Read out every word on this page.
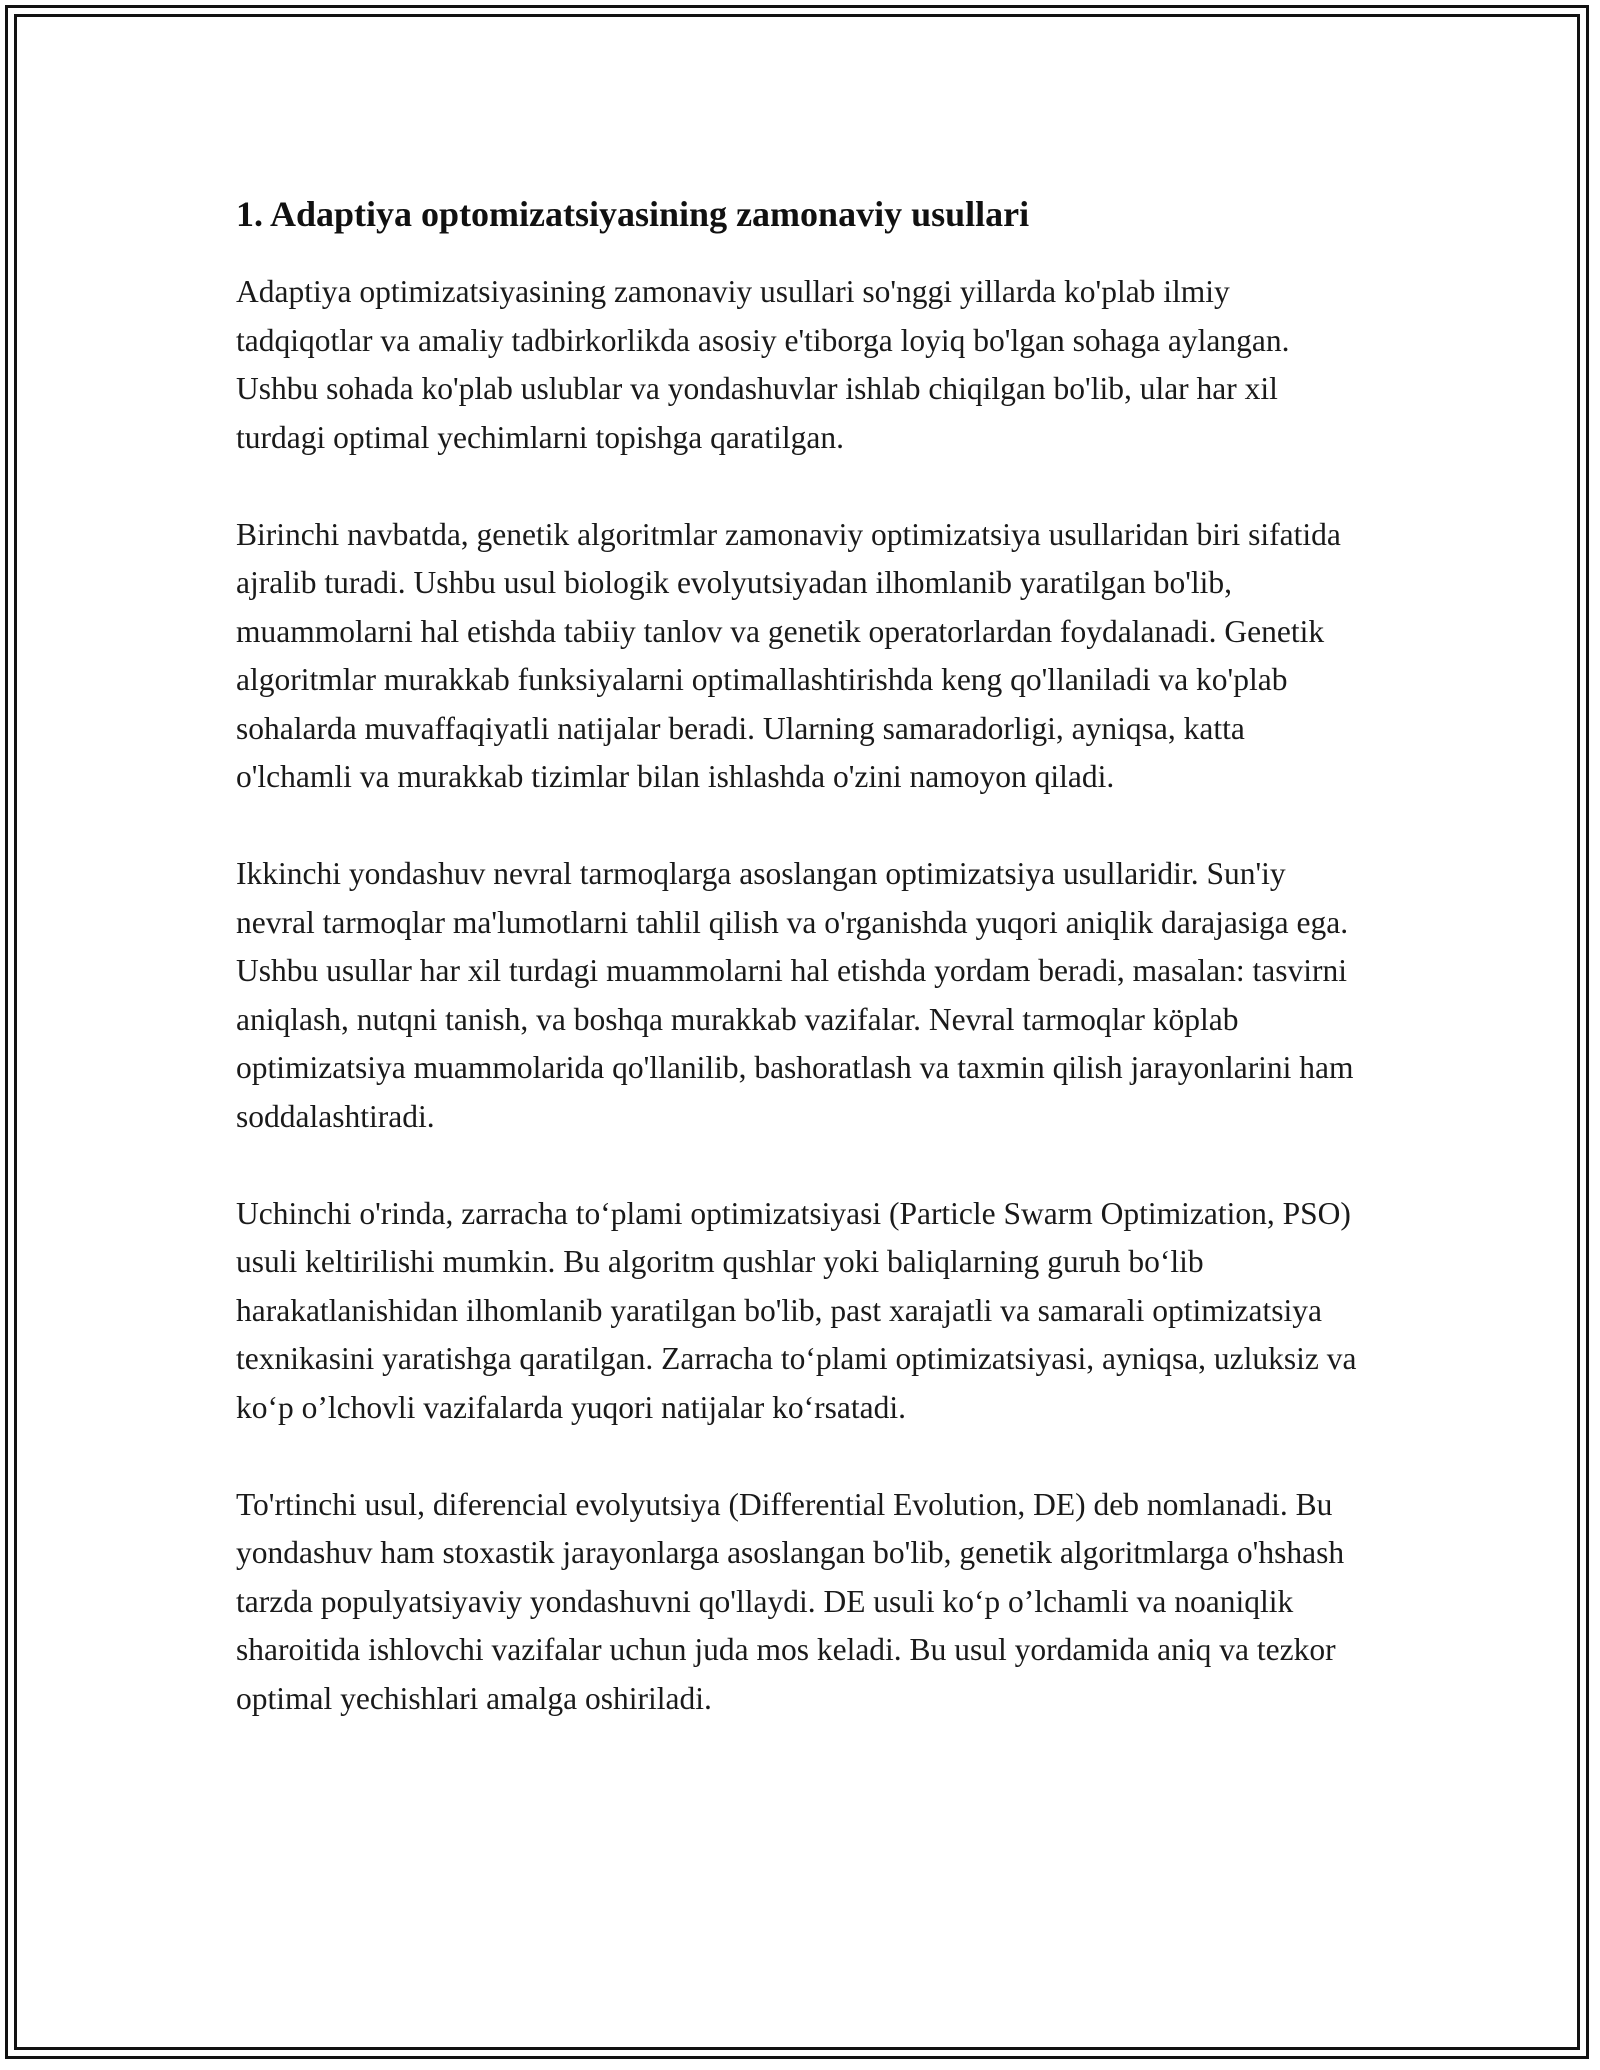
1. Adaptiya optomizatsiyasining zamonaviy usullari

Adaptiya optimizatsiyasining zamonaviy usullari so'nggi yillarda ko'plab ilmiy tadqiqotlar va amaliy tadbirkorlikda asosiy e'tiborga loyiq bo'lgan sohaga aylangan. Ushbu sohada ko'plab uslublar va yondashuvlar ishlab chiqilgan bo'lib, ular har xil turdagi optimal yechimlarni topishga qaratilgan.

Birinchi navbatda, genetik algoritmlar zamonaviy optimizatsiya usullaridan biri sifatida ajralib turadi. Ushbu usul biologik evolyutsiyadan ilhomlanib yaratilgan bo'lib, muammolarni hal etishda tabiiy tanlov va genetik operatorlardan foydalanadi. Genetik algoritmlar murakkab funksiyalarni optimallashtirishda keng qo'llaniladi va ko'plab sohalarda muvaffaqiyatli natijalar beradi. Ularning samaradorligi, ayniqsa, katta o'lchamli va murakkab tizimlar bilan ishlashda o'zini namoyon qiladi.

Ikkinchi yondashuv nevral tarmoqlarga asoslangan optimizatsiya usullaridir. Sun'iy nevral tarmoqlar ma'lumotlarni tahlil qilish va o'rganishda yuqori aniqlik darajasiga ega. Ushbu usullar har xil turdagi muammolarni hal etishda yordam beradi, masalan: tasvirni aniqlash, nutqni tanish, va boshqa murakkab vazifalar. Nevral tarmoqlar köplab optimizatsiya muammolarida qo'llanilib, bashoratlash va taxmin qilish jarayonlarini ham soddalashtiradi.

Uchinchi o'rinda, zarracha to‘plami optimizatsiyasi (Particle Swarm Optimization, PSO) usuli keltirilishi mumkin. Bu algoritm qushlar yoki baliqlarning guruh bo‘lib harakatlanishidan ilhomlanib yaratilgan bo'lib, past xarajatli va samarali optimizatsiya texnikasini yaratishga qaratilgan. Zarracha to‘plami optimizatsiyasi, ayniqsa, uzluksiz va ko‘p o’lchovli vazifalarda yuqori natijalar ko‘rsatadi.

To'rtinchi usul, diferencial evolyutsiya (Differential Evolution, DE) deb nomlanadi. Bu yondashuv ham stoxastik jarayonlarga asoslangan bo'lib, genetik algoritmlarga o'hshash tarzda populyatsiyaviy yondashuvni qo'llaydi. DE usuli ko‘p o’lchamli va noaniqlik sharoitida ishlovchi vazifalar uchun juda mos keladi. Bu usul yordamida aniq va tezkor optimal yechishlari amalga oshiriladi.
